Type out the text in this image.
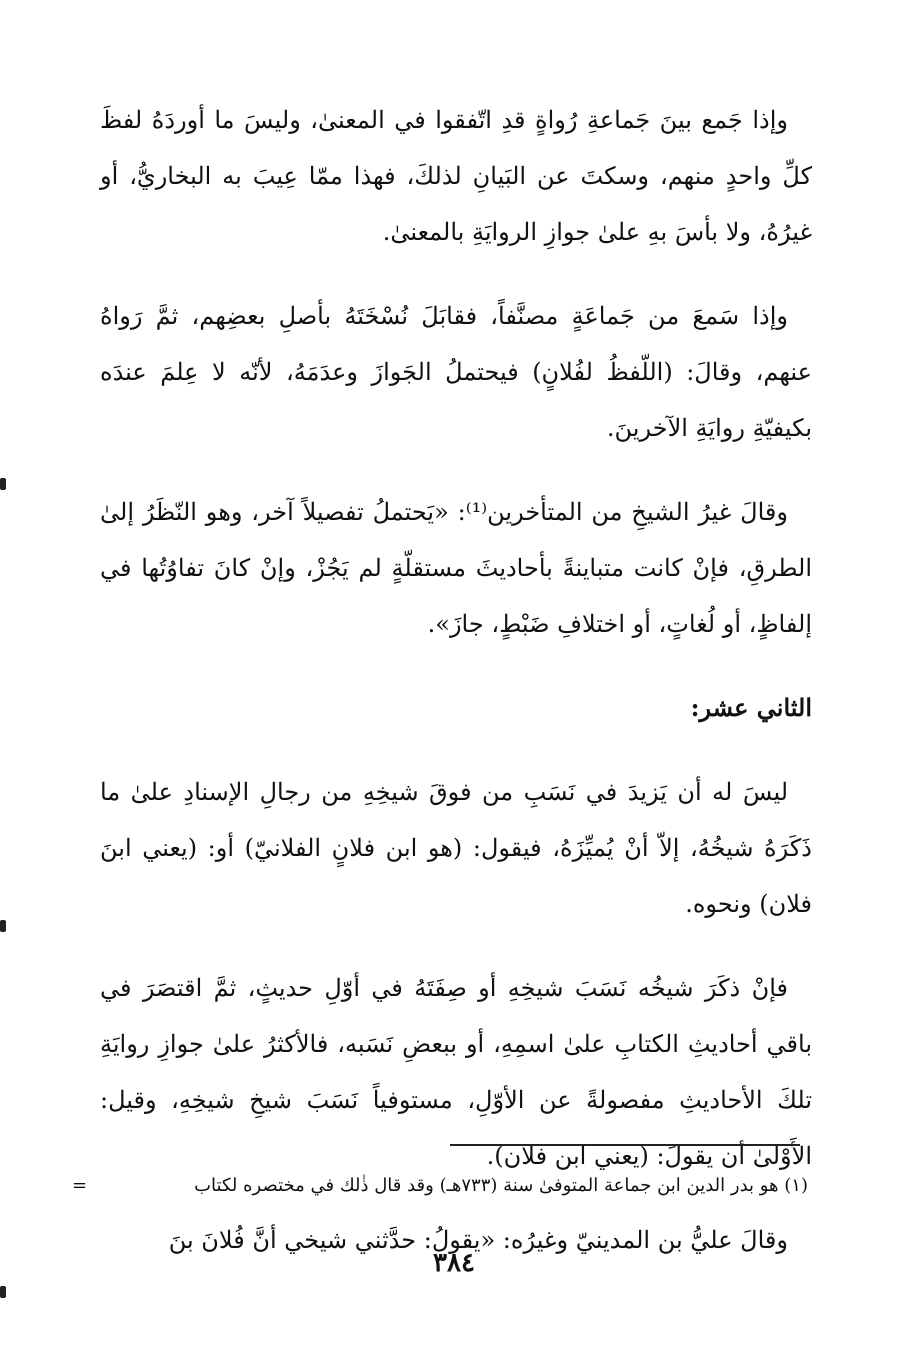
وإذا جَمع بينَ جَماعةِ رُواةٍ قدِ اتّفقوا في المعنىٰ، وليسَ ما أوردَهُ لفظَ كلِّ واحدٍ منهم، وسكتَ عن البَيانِ لذلكَ، فهذا ممّا عِيبَ به البخاريُّ، أو غيرُهُ، ولا بأسَ بهِ علىٰ جوازِ الروايَةِ بالمعنىٰ.

وإذا سَمعَ من جَماعَةٍ مصنَّفاً، فقابَلَ نُسْخَتَهُ بأصلِ بعضِهم، ثمَّ رَواهُ عنهم، وقالَ: (اللّفظُ لفُلانٍ) فيحتملُ الجَوازَ وعدَمَهُ، لأنّه لا عِلمَ عندَه بكيفيّةِ روايَةِ الآخرينَ.

وقالَ غيرُ الشيخِ من المتأخرين⁽¹⁾: «يَحتملُ تفصيلاً آخر، وهو النّظَرُ إلىٰ الطرقِ، فإنْ كانت متباينةً بأحاديثَ مستقلّةٍ لم يَجُزْ، وإنْ كانَ تفاوُتُها في إلفاظٍ، أو لُغاتٍ، أو اختلافِ ضَبْطٍ، جازَ».

الثاني عشر:

ليسَ له أن يَزيدَ في نَسَبِ من فوقَ شيخِهِ من رجالِ الإسنادِ علىٰ ما ذَكَرَهُ شيخُهُ، إلاّ أنْ يُميِّزَهُ، فيقول: (هو ابن فلانٍ الفلانيّ) أو: (يعني ابنَ فلان) ونحوه.

فإنْ ذكَرَ شيخُه نَسَبَ شيخِهِ أو صِفَتَهُ في أوّلِ حديثٍ، ثمَّ اقتصَرَ في باقي أحاديثِ الكتابِ علىٰ اسمِهِ، أو ببعضِ نَسَبه، فالأكثرُ علىٰ جوازِ روايَةِ تلكَ الأحاديثِ مفصولةً عن الأوّلِ، مستوفياً نَسَبَ شيخِ شيخِهِ، وقيل: الأَوْلىٰ أن يقولَ: (يعني ابن فلان).

وقالَ عليُّ بن المدينيّ وغيرُه: «يقولُ: حدَّثني شيخي أنَّ فُلانَ بنَ

(١) هو بدر الدين ابن جماعة المتوفىٰ سنة (٧٣٣هـ) وقد قال ذٰلك في مختصره لكتاب
=
٣٨٤
